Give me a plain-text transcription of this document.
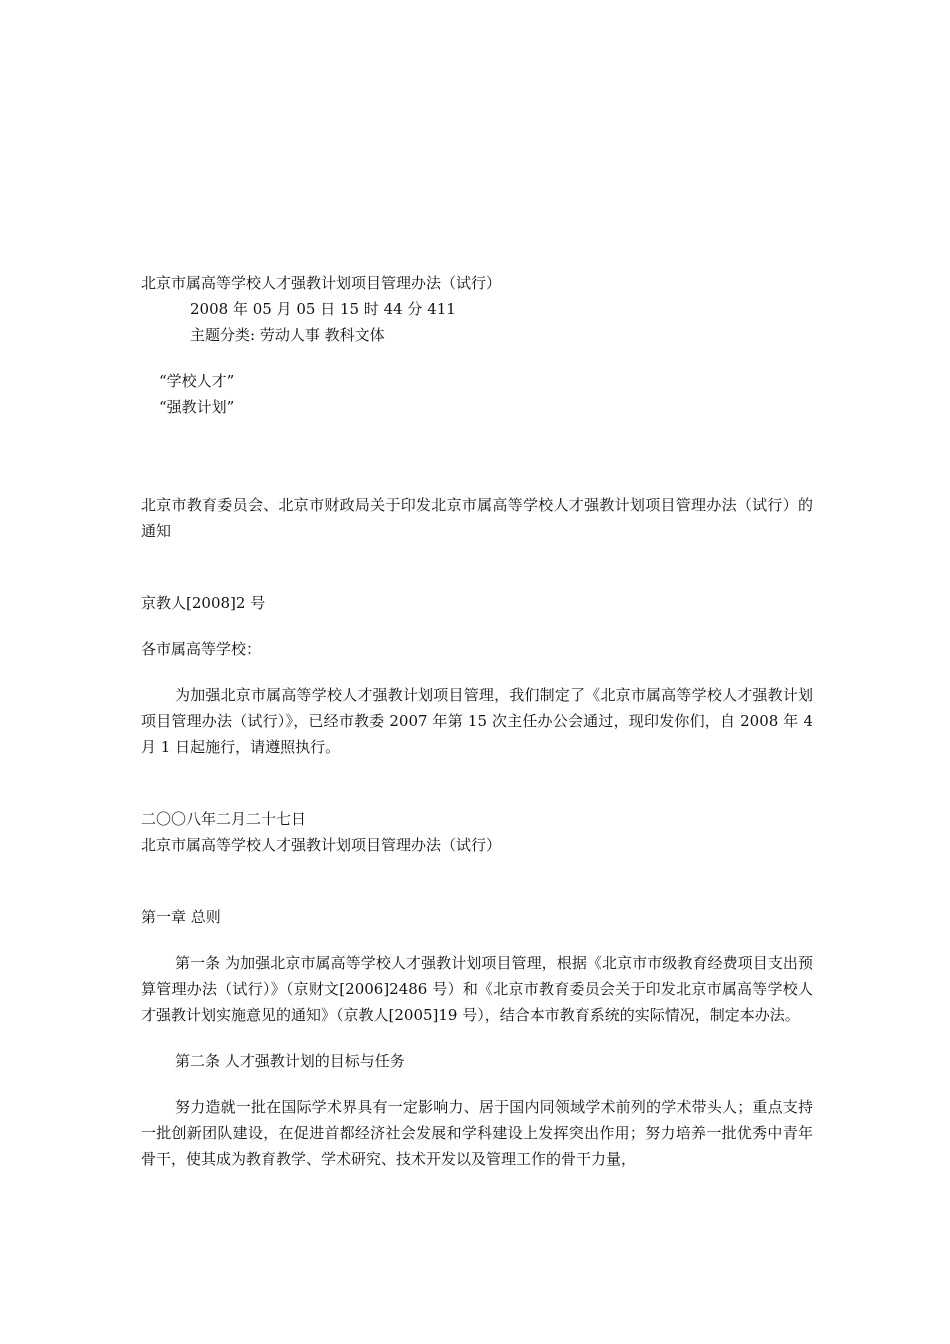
北京市属高等学校人才强教计划项目管理办法（试行）
2008 年 05 月 05 日 15 时 44 分 411
主题分类: 劳动人事 教科文体
“学校人才”
“强教计划”

北京市教育委员会、北京市财政局关于印发北京市属高等学校人才强教计划项目管理办法（试行）的通知

京教人[2008]2 号
各市属高等学校：

为加强北京市属高等学校人才强教计划项目管理，我们制定了《北京市属高等学校人才强教计划项目管理办法（试行）》，已经市教委 2007 年第 15 次主任办公会通过，现印发你们，自 2008 年 4 月 1 日起施行，请遵照执行。

二〇〇八年二月二十七日
北京市属高等学校人才强教计划项目管理办法（试行）
第一章 总则

第一条 为加强北京市属高等学校人才强教计划项目管理，根据《北京市市级教育经费项目支出预算管理办法（试行）》（京财文[2006]2486 号）和《北京市教育委员会关于印发北京市属高等学校人才强教计划实施意见的通知》（京教人[2005]19 号），结合本市教育系统的实际情况，制定本办法。

第二条 人才强教计划的目标与任务

努力造就一批在国际学术界具有一定影响力、居于国内同领域学术前列的学术带头人；重点支持一批创新团队建设，在促进首都经济社会发展和学科建设上发挥突出作用；努力培养一批优秀中青年骨干，使其成为教育教学、学术研究、技术开发以及管理工作的骨干力量，
